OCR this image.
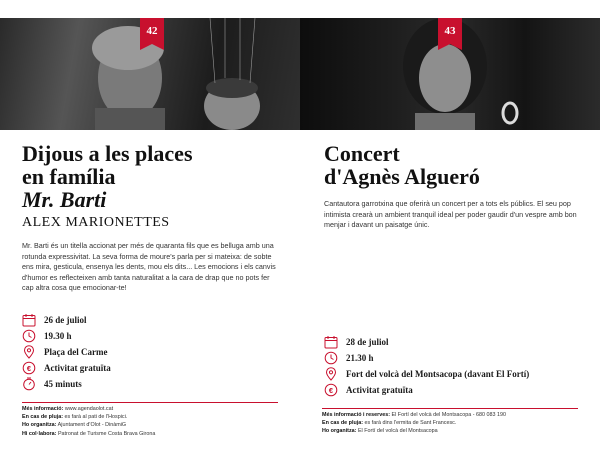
42
Dijous a les places
en família
Mr. Barti
ALEX MARIONETTES
Mr. Barti és un titella accionat per més de quaranta fils que es belluga amb una rotunda expressivitat. La seva forma de moure's parla per si mateixa: de sobte ens mira, gesticula, ensenya les dents, mou els dits... Les emocions i els canvis d'humor es reflecteixen amb tanta naturalitat a la cara de drap que no pots fer cap altra cosa que emocionar-te!
26 de juliol
19.30 h
Plaça del Carme
€ Activitat gratuïta
45 minuts
Més informació: www.agendaolot.cat
En cas de pluja: es farà al pati de l'Hospici.
Ho organitza: Ajuntament d'Olot - DinàmiG
Hi col·labora: Patronat de Turisme Costa Brava Girona
43
Concert
d'Agnès Algueró
Cantautora garrotxina que oferirà un concert per a tots els públics. El seu pop intimista crearà un ambient tranquil ideal per poder gaudir d'un vespre amb bon menjar i davant un paisatge únic.
28 de juliol
21.30 h
Fort del volcà del Montsacopa (davant El Fortí)
€ Activitat gratuïta
Més informació i reserves: El Fortí del volcà del Montsacopa - 680 083 190
En cas de pluja: es farà dins l'ermita de Sant Francesc.
Ho organitza: El Fortí del volcà del Montsacopa
